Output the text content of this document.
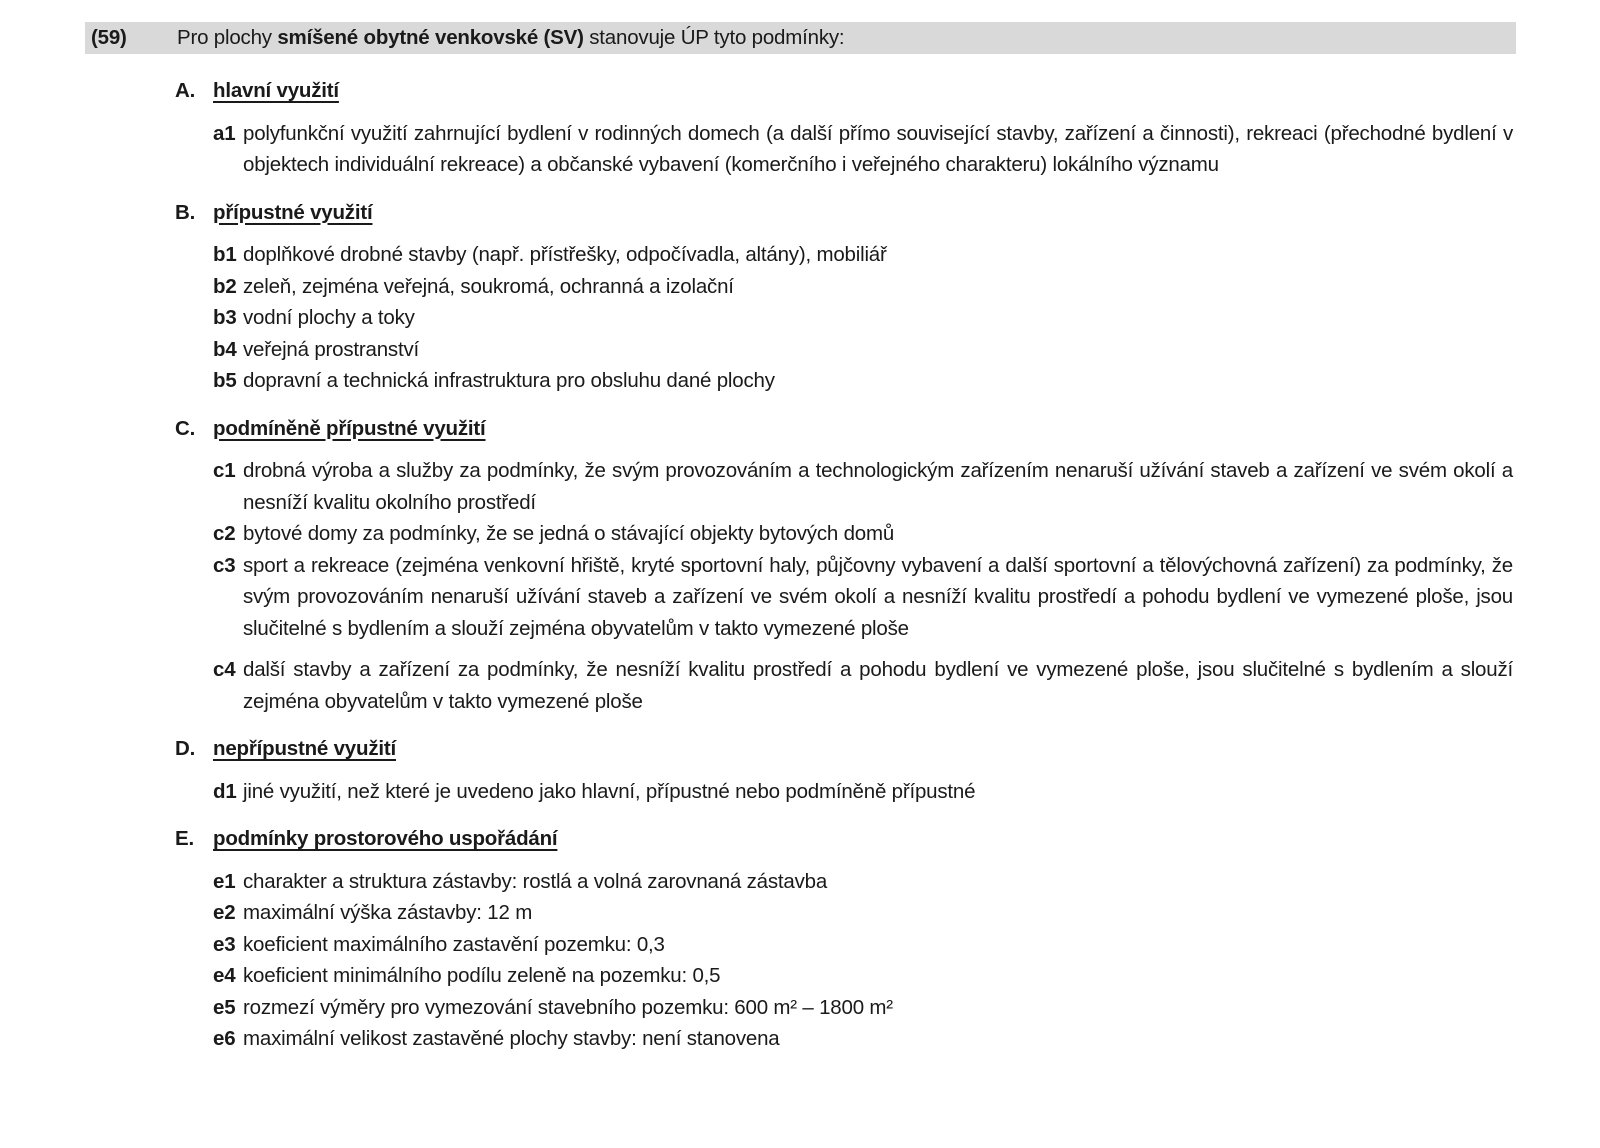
(59)	Pro plochy smíšené obytné venkovské (SV) stanovuje ÚP tyto podmínky:
A. hlavní využití
a1 polyfunkční využití zahrnující bydlení v rodinných domech (a další přímo související stavby, zařízení a činnosti), rekreaci (přechodné bydlení v objektech individuální rekreace) a občanské vybavení (komerčního i veřejného charakteru) lokálního významu
B. přípustné využití
b1 doplňkové drobné stavby (např. přístřešky, odpočívadla, altány), mobiliář
b2 zeleň, zejména veřejná, soukromá, ochranná a izolační
b3 vodní plochy a toky
b4 veřejná prostranství
b5 dopravní a technická infrastruktura pro obsluhu dané plochy
C. podmíněně přípustné využití
c1 drobná výroba a služby za podmínky, že svým provozováním a technologickým zařízením nenaruší užívání staveb a zařízení ve svém okolí a nesníží kvalitu okolního prostředí
c2 bytové domy za podmínky, že se jedná o stávající objekty bytových domů
c3 sport a rekreace (zejména venkovní hřiště, kryté sportovní haly, půjčovny vybavení a další sportovní a tělovýchovná zařízení) za podmínky, že svým provozováním nenaruší užívání staveb a zařízení ve svém okolí a nesníží kvalitu prostředí a pohodu bydlení ve vymezené ploše, jsou slučitelné s bydlením a slouží zejména obyvatelům v takto vymezené ploše
c4 další stavby a zařízení za podmínky, že nesníží kvalitu prostředí a pohodu bydlení ve vymezené ploše, jsou slučitelné s bydlením a slouží zejména obyvatelům v takto vymezené ploše
D. nepřípustné využití
d1 jiné využití, než které je uvedeno jako hlavní, přípustné nebo podmíněně přípustné
E. podmínky prostorového uspořádání
e1 charakter a struktura zástavby: rostlá a volná zarovnaná zástavba
e2 maximální výška zástavby: 12 m
e3 koeficient maximálního zastavění pozemku: 0,3
e4 koeficient minimálního podílu zeleně na pozemku: 0,5
e5 rozmezí výměry pro vymezování stavebního pozemku: 600 m² – 1800 m²
e6 maximální velikost zastavěné plochy stavby: není stanovena
